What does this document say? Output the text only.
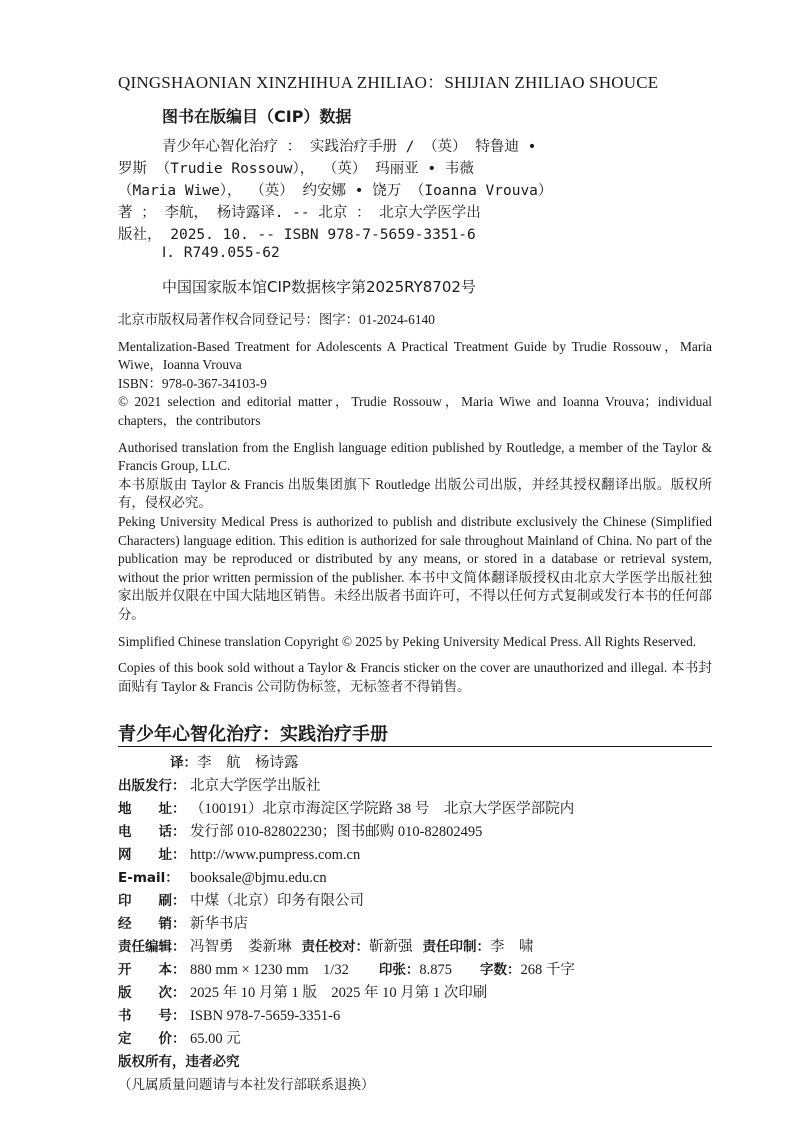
QINGSHAONIAN XINZHIHUA ZHILIAO：SHIJIAN ZHILIAO SHOUCE
图书在版编目（CIP）数据
青少年心智化治疗 ： 实践治疗手册 / （英） 特鲁迪 •
罗斯 （Trudie Rossouw）， （英） 玛丽亚 • 韦薇
（Maria Wiwe）， （英） 约安娜 • 饶万 （Ioanna Vrouva）
著 ； 李航， 杨诗露译. -- 北京 ： 北京大学医学出
版社， 2025. 10. -- ISBN 978-7-5659-3351-6
Ⅰ. R749.055-62
中国国家版本馆CIP数据核字第2025RY8702号

北京市版权局著作权合同登记号：图字：01-2024-6140

Mentalization-Based Treatment for Adolescents A Practical Treatment Guide by Trudie Rossouw，Maria Wiwe，Ioanna Vrouva

ISBN：978-0-367-34103-9

© 2021 selection and editorial matter，Trudie Rossouw，Maria Wiwe and Ioanna Vrouva；individual chapters，the contributors

Authorised translation from the English language edition published by Routledge, a member of the Taylor & Francis Group, LLC.

本书原版由 Taylor & Francis 出版集团旗下 Routledge 出版公司出版，并经其授权翻译出版。版权所有，侵权必究。

Peking University Medical Press is authorized to publish and distribute exclusively the Chinese (Simplified Characters) language edition. This edition is authorized for sale throughout Mainland of China. No part of the publication may be reproduced or distributed by any means, or stored in a database or retrieval system, without the prior written permission of the publisher. 本书中文简体翻译版授权由北京大学医学出版社独家出版并仅限在中国大陆地区销售。未经出版者书面许可，不得以任何方式复制或发行本书的任何部分。

Simplified Chinese translation Copyright © 2025 by Peking University Medical Press. All Rights Reserved.

Copies of this book sold without a Taylor & Francis sticker on the cover are unauthorized and illegal. 本书封面贴有 Taylor & Francis 公司防伪标签，无标签者不得销售。

青少年心智化治疗：实践治疗手册
译：李　航　杨诗露
出版发行： 北京大学医学出版社
地　　址： （100191）北京市海淀区学院路 38 号　北京大学医学部院内
电　　话： 发行部 010-82802230；图书邮购 010-82802495
网　　址： http://www.pumpress.com.cn
E-mail： booksale@bjmu.edu.cn
印　　刷： 中煤（北京）印务有限公司
经　　销： 新华书店
责任编辑： 冯智勇　娄新琳 责任校对：靳新强 责任印制：李　啸
开　　本： 880 mm × 1230 mm　1/32 印张：8.875 字数：268 千字
版　　次： 2025 年 10 月第 1 版　2025 年 10 月第 1 次印刷
书　　号： ISBN 978-7-5659-3351-6
定　　价： 65.00 元
版权所有，违者必究
（凡属质量问题请与本社发行部联系退换）
